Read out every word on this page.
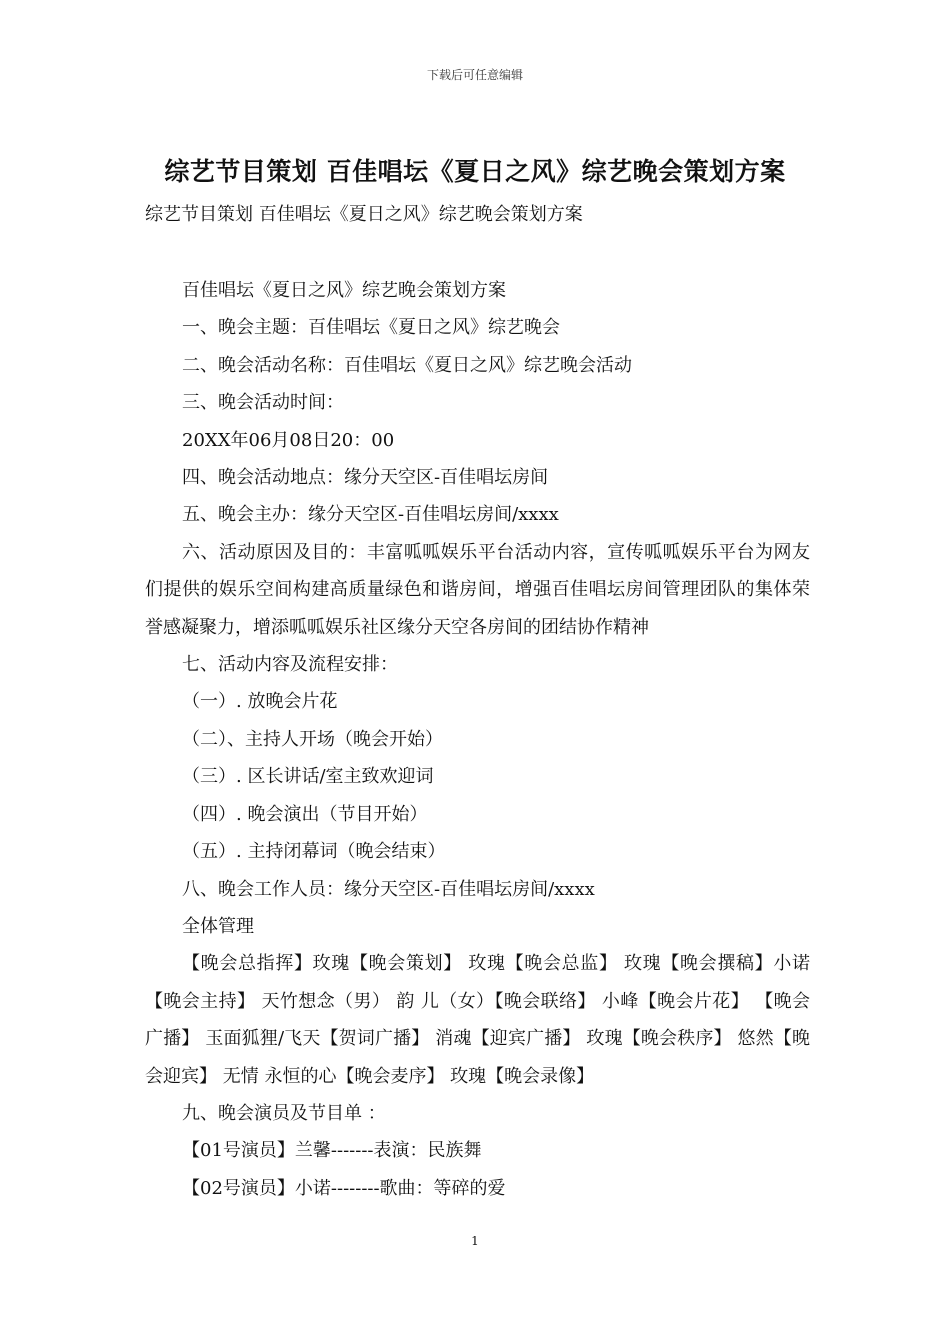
下载后可任意编辑
综艺节目策划 百佳唱坛《夏日之风》综艺晚会策划方案
综艺节目策划 百佳唱坛《夏日之风》综艺晚会策划方案

百佳唱坛《夏日之风》综艺晚会策划方案

一、晚会主题：百佳唱坛《夏日之风》综艺晚会

二、晚会活动名称：百佳唱坛《夏日之风》综艺晚会活动

三、晚会活动时间：

20XX年06月08日20：00

四、晚会活动地点：缘分天空区-百佳唱坛房间

五、晚会主办：缘分天空区-百佳唱坛房间/xxxx

六、活动原因及目的：丰富呱呱娱乐平台活动内容，宣传呱呱娱乐平台为网友们提供的娱乐空间构建高质量绿色和谐房间，增强百佳唱坛房间管理团队的集体荣誉感凝聚力，增添呱呱娱乐社区缘分天空各房间的团结协作精神

七、活动内容及流程安排：

（一）. 放晚会片花

（二）、主持人开场（晚会开始）

（三）. 区长讲话/室主致欢迎词

（四）. 晚会演出（节目开始）

（五）. 主持闭幕词（晚会结束）

八、晚会工作人员：缘分天空区-百佳唱坛房间/xxxx

全体管理

【晚会总指挥】玫瑰【晚会策划】 玫瑰【晚会总监】 玫瑰【晚会撰稿】小诺 【晚会主持】 天竹想念（男） 韵 儿（女）【晚会联络】 小峰【晚会片花】 【晚会广播】 玉面狐狸/飞天【贺词广播】 消魂【迎宾广播】 玫瑰【晚会秩序】 悠然【晚会迎宾】 无情 永恒的心【晚会麦序】 玫瑰【晚会录像】

九、晚会演员及节目单 ：

【01号演员】兰馨-------表演：民族舞

【02号演员】小诺--------歌曲：等碎的爱

1
